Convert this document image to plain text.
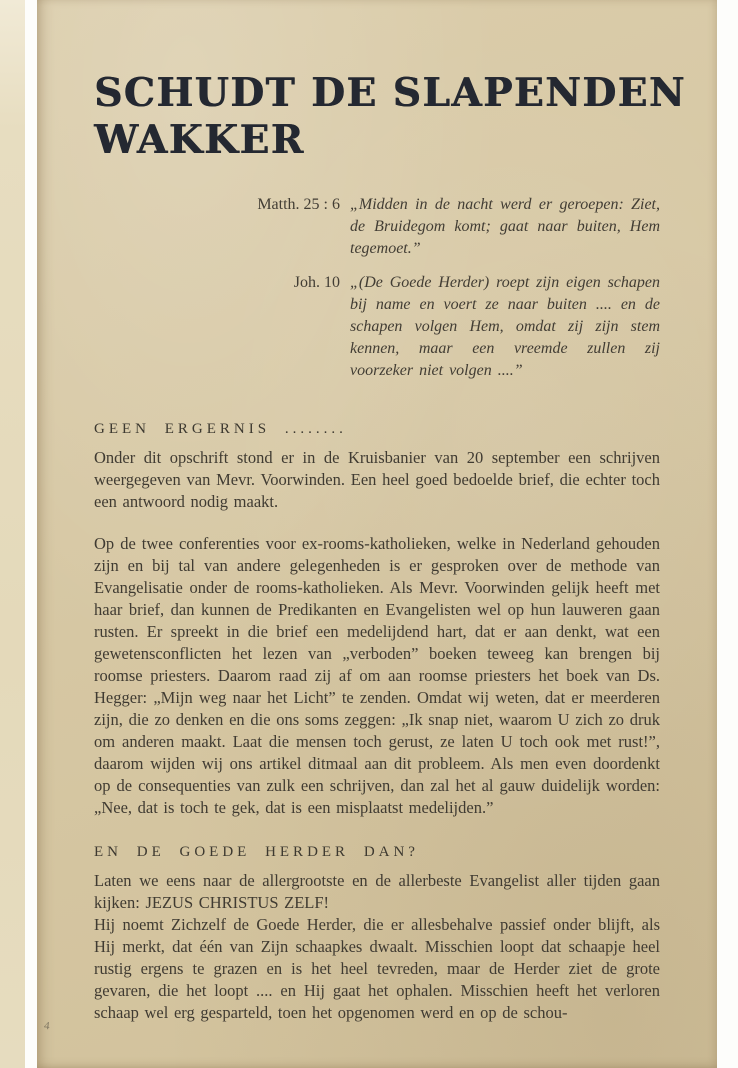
SCHUDT DE SLAPENDEN
WAKKER
Matth. 25 : 6 „Midden in de nacht werd er geroepen: Ziet, de Bruidegom komt; gaat naar buiten, Hem tegemoet.”
Joh. 10 „(De Goede Herder) roept zijn eigen schapen bij name en voert ze naar buiten .... en de schapen volgen Hem, omdat zij zijn stem kennen, maar een vreemde zullen zij voorzeker niet volgen ....”
GEEN ERGERNIS ........

Onder dit opschrift stond er in de Kruisbanier van 20 september een schrijven weergegeven van Mevr. Voorwinden. Een heel goed bedoelde brief, die echter toch een antwoord nodig maakt.

Op de twee conferenties voor ex-rooms-katholieken, welke in Nederland gehouden zijn en bij tal van andere gelegenheden is er gesproken over de methode van Evangelisatie onder de rooms-katholieken. Als Mevr. Voorwinden gelijk heeft met haar brief, dan kunnen de Predikanten en Evangelisten wel op hun lauweren gaan rusten. Er spreekt in die brief een medelijdend hart, dat er aan denkt, wat een gewetensconflicten het lezen van „verboden” boeken teweeg kan brengen bij roomse priesters. Daarom raad zij af om aan roomse priesters het boek van Ds. Hegger: „Mijn weg naar het Licht” te zenden. Omdat wij weten, dat er meerderen zijn, die zo denken en die ons soms zeggen: „Ik snap niet, waarom U zich zo druk om anderen maakt. Laat die mensen toch gerust, ze laten U toch ook met rust!”, daarom wijden wij ons artikel ditmaal aan dit probleem. Als men even doordenkt op de consequenties van zulk een schrijven, dan zal het al gauw duidelijk worden: „Nee, dat is toch te gek, dat is een misplaatst medelijden.”

EN DE GOEDE HERDER DAN?

Laten we eens naar de allergrootste en de allerbeste Evangelist aller tijden gaan kijken: JEZUS CHRISTUS ZELF!

Hij noemt Zichzelf de Goede Herder, die er allesbehalve passief onder blijft, als Hij merkt, dat één van Zijn schaapkes dwaalt. Misschien loopt dat schaapje heel rustig ergens te grazen en is het heel tevreden, maar de Herder ziet de grote gevaren, die het loopt .... en Hij gaat het ophalen. Misschien heeft het verloren schaap wel erg gesparteld, toen het opgenomen werd en op de schou-

4
